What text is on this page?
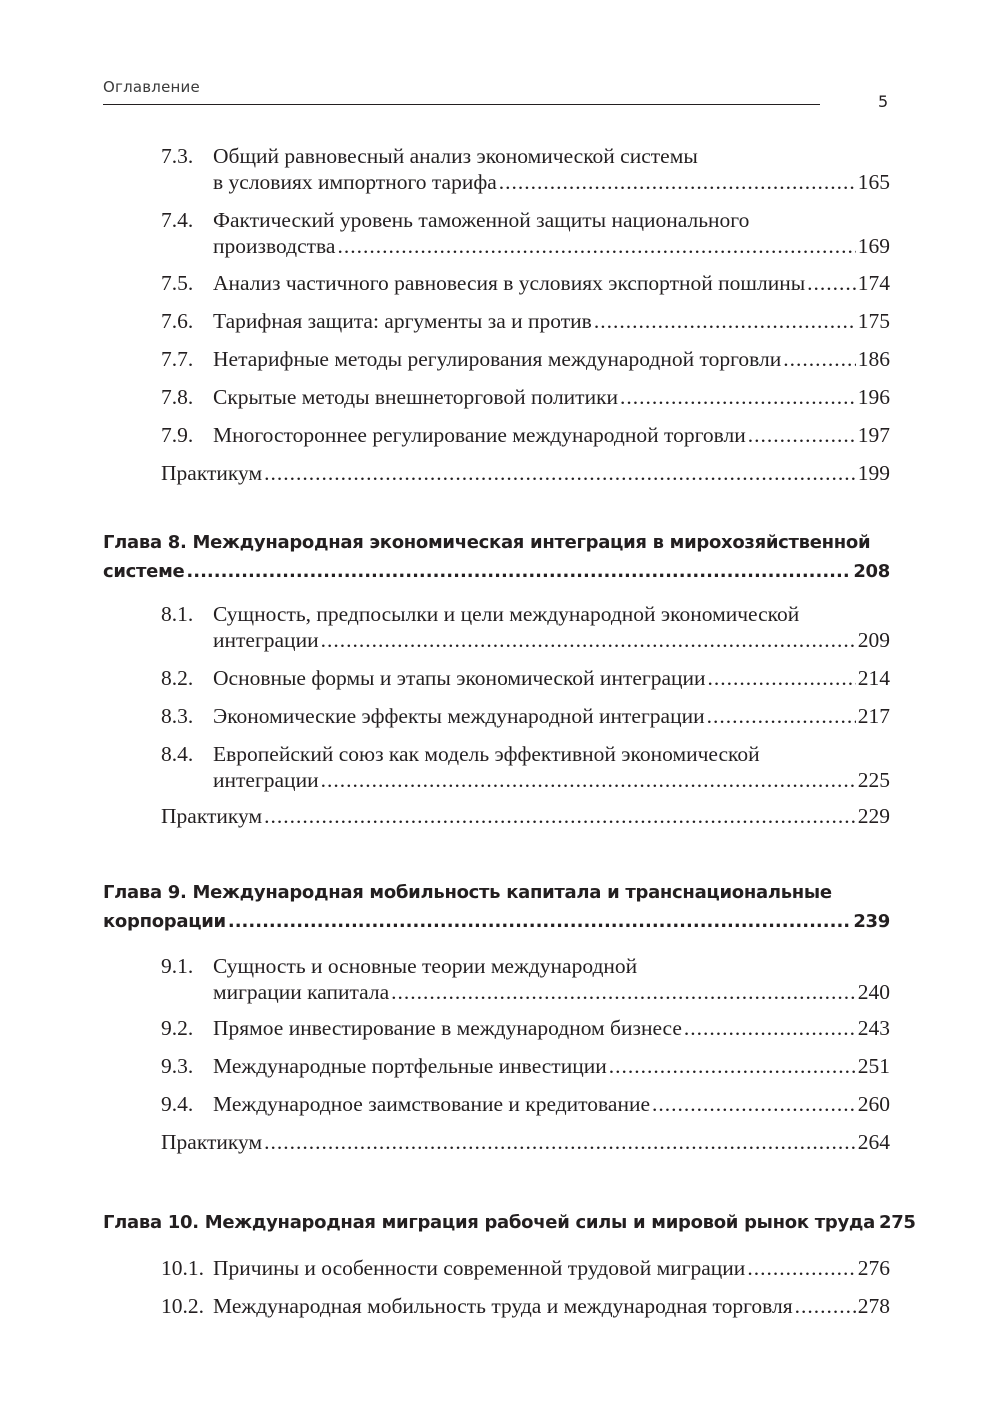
Оглавление
5
7.3. Общий равновесный анализ экономической системы
в условиях импортного тарифа .....	165
7.4. Фактический уровень таможенной защиты национального
производства .....	169
7.5. Анализ частичного равновесия в условиях экспортной пошлины ..... 174
7.6. Тарифная защита: аргументы за и против .....	175
7.7. Нетарифные методы регулирования международной торговли .....	186
7.8. Скрытые методы внешнеторговой политики .....	196
7.9. Многостороннее регулирование международной торговли .....	197
Практикум .....	199
Глава 8. Международная экономическая интеграция в мирохозяйственной
системе .....	208
8.1. Сущность, предпосылки и цели международной экономической
интеграции .....	209
8.2. Основные формы и этапы экономической интеграции .....	214
8.3. Экономические эффекты международной интеграции .....	217
8.4. Европейский союз как модель эффективной экономической
интеграции .....	225
Практикум .....	229
Глава 9. Международная мобильность капитала и транснациональные
корпорации .....	239
9.1. Сущность и основные теории международной
миграции капитала .....	240
9.2. Прямое инвестирование в международном бизнесе .....	243
9.3. Международные портфельные инвестиции .....	251
9.4. Международное заимствование и кредитование .....	260
Практикум .....	264
Глава 10. Международная миграция рабочей силы и мировой рынок труда 275
10.1. Причины и особенности современной трудовой миграции .....	276
10.2. Международная мобильность труда и международная торговля .....	278
